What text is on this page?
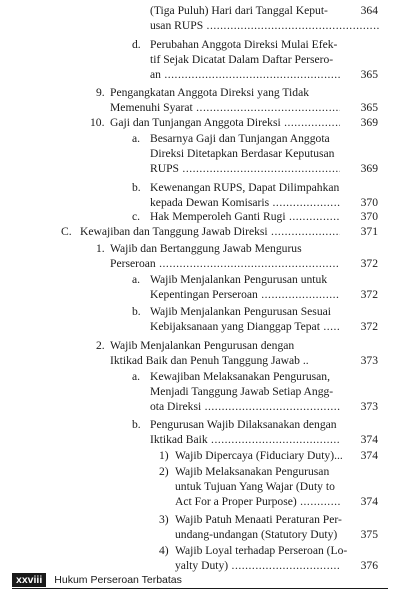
(Tiga Puluh) Hari dari Tanggal Keput-	364
usan RUPS .....
d. Perubahan Anggota Direksi Mulai Efek-
tif Sejak Dicatat Dalam Daftar Persero-
an .....	365
9. Pengangkatan Anggota Direksi yang Tidak
Memenuhi Syarat .....	365
10. Gaji dan Tunjangan Anggota Direksi .....	369
a. Besarnya Gaji dan Tunjangan Anggota
Direksi Ditetapkan Berdasar Keputusan
RUPS .....	369
b. Kewenangan RUPS, Dapat Dilimpahkan
kepada Dewan Komisaris .....	370
c. Hak Memperoleh Ganti Rugi .....	370
C. Kewajiban dan Tanggung Jawab Direksi .....	371
1. Wajib dan Bertanggung Jawab Mengurus
Perseroan .....	372
a. Wajib Menjalankan Pengurusan untuk
Kepentingan Perseroan .....	372
b. Wajib Menjalankan Pengurusan Sesuai
Kebijaksanaan yang Dianggap Tepat .....	372
2. Wajib Menjalankan Pengurusan dengan
Iktikad Baik dan Penuh Tanggung Jawab ..	373
a. Kewajiban Melaksanakan Pengurusan,
Menjadi Tanggung Jawab Setiap Angg-
ota Direksi .....	373
b. Pengurusan Wajib Dilaksanakan dengan
Iktikad Baik .....	374
1) Wajib Dipercaya (Fiduciary Duty)...	374
2) Wajib Melaksanakan Pengurusan
untuk Tujuan Yang Wajar (Duty to
Act For a Proper Purpose) .....	374
3) Wajib Patuh Menaati Peraturan Per-
undang-undangan (Statutory Duty)	375
4) Wajib Loyal terhadap Perseroan (Lo-
yalty Duty) .....	376
xxviii	Hukum Perseroan Terbatas
